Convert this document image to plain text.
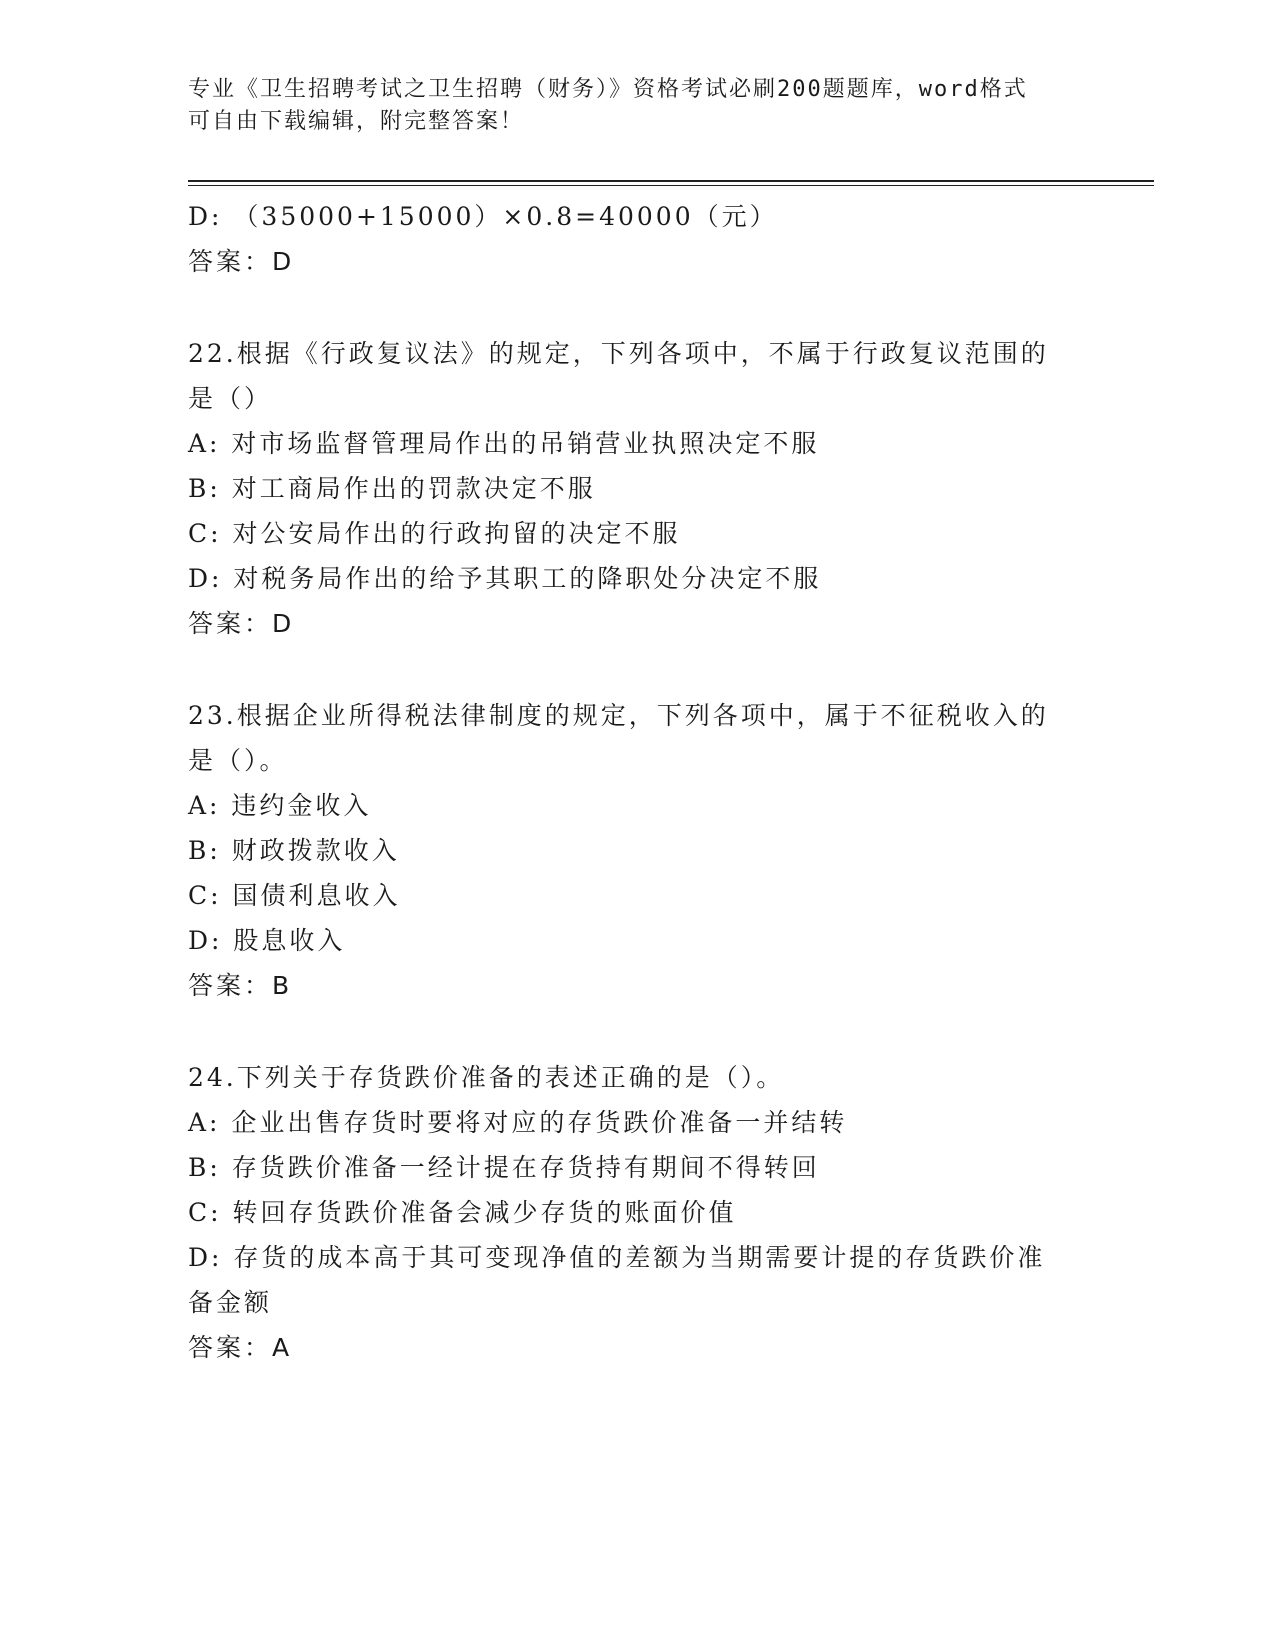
专业《卫生招聘考试之卫生招聘（财务）》资格考试必刷200题题库，word格式
可自由下载编辑，附完整答案！

D: （35000+15000）×0.8=40000（元）

答案：D

22.根据《行政复议法》的规定，下列各项中，不属于行政复议范围的

是（）

A: 对市场监督管理局作出的吊销营业执照决定不服

B: 对工商局作出的罚款决定不服

C: 对公安局作出的行政拘留的决定不服

D: 对税务局作出的给予其职工的降职处分决定不服

答案：D

23.根据企业所得税法律制度的规定，下列各项中，属于不征税收入的

是（）。

A: 违约金收入

B: 财政拨款收入

C: 国债利息收入

D: 股息收入

答案：B

24.下列关于存货跌价准备的表述正确的是（）。

A: 企业出售存货时要将对应的存货跌价准备一并结转

B: 存货跌价准备一经计提在存货持有期间不得转回

C: 转回存货跌价准备会减少存货的账面价值

D: 存货的成本高于其可变现净值的差额为当期需要计提的存货跌价准

备金额

答案：A
